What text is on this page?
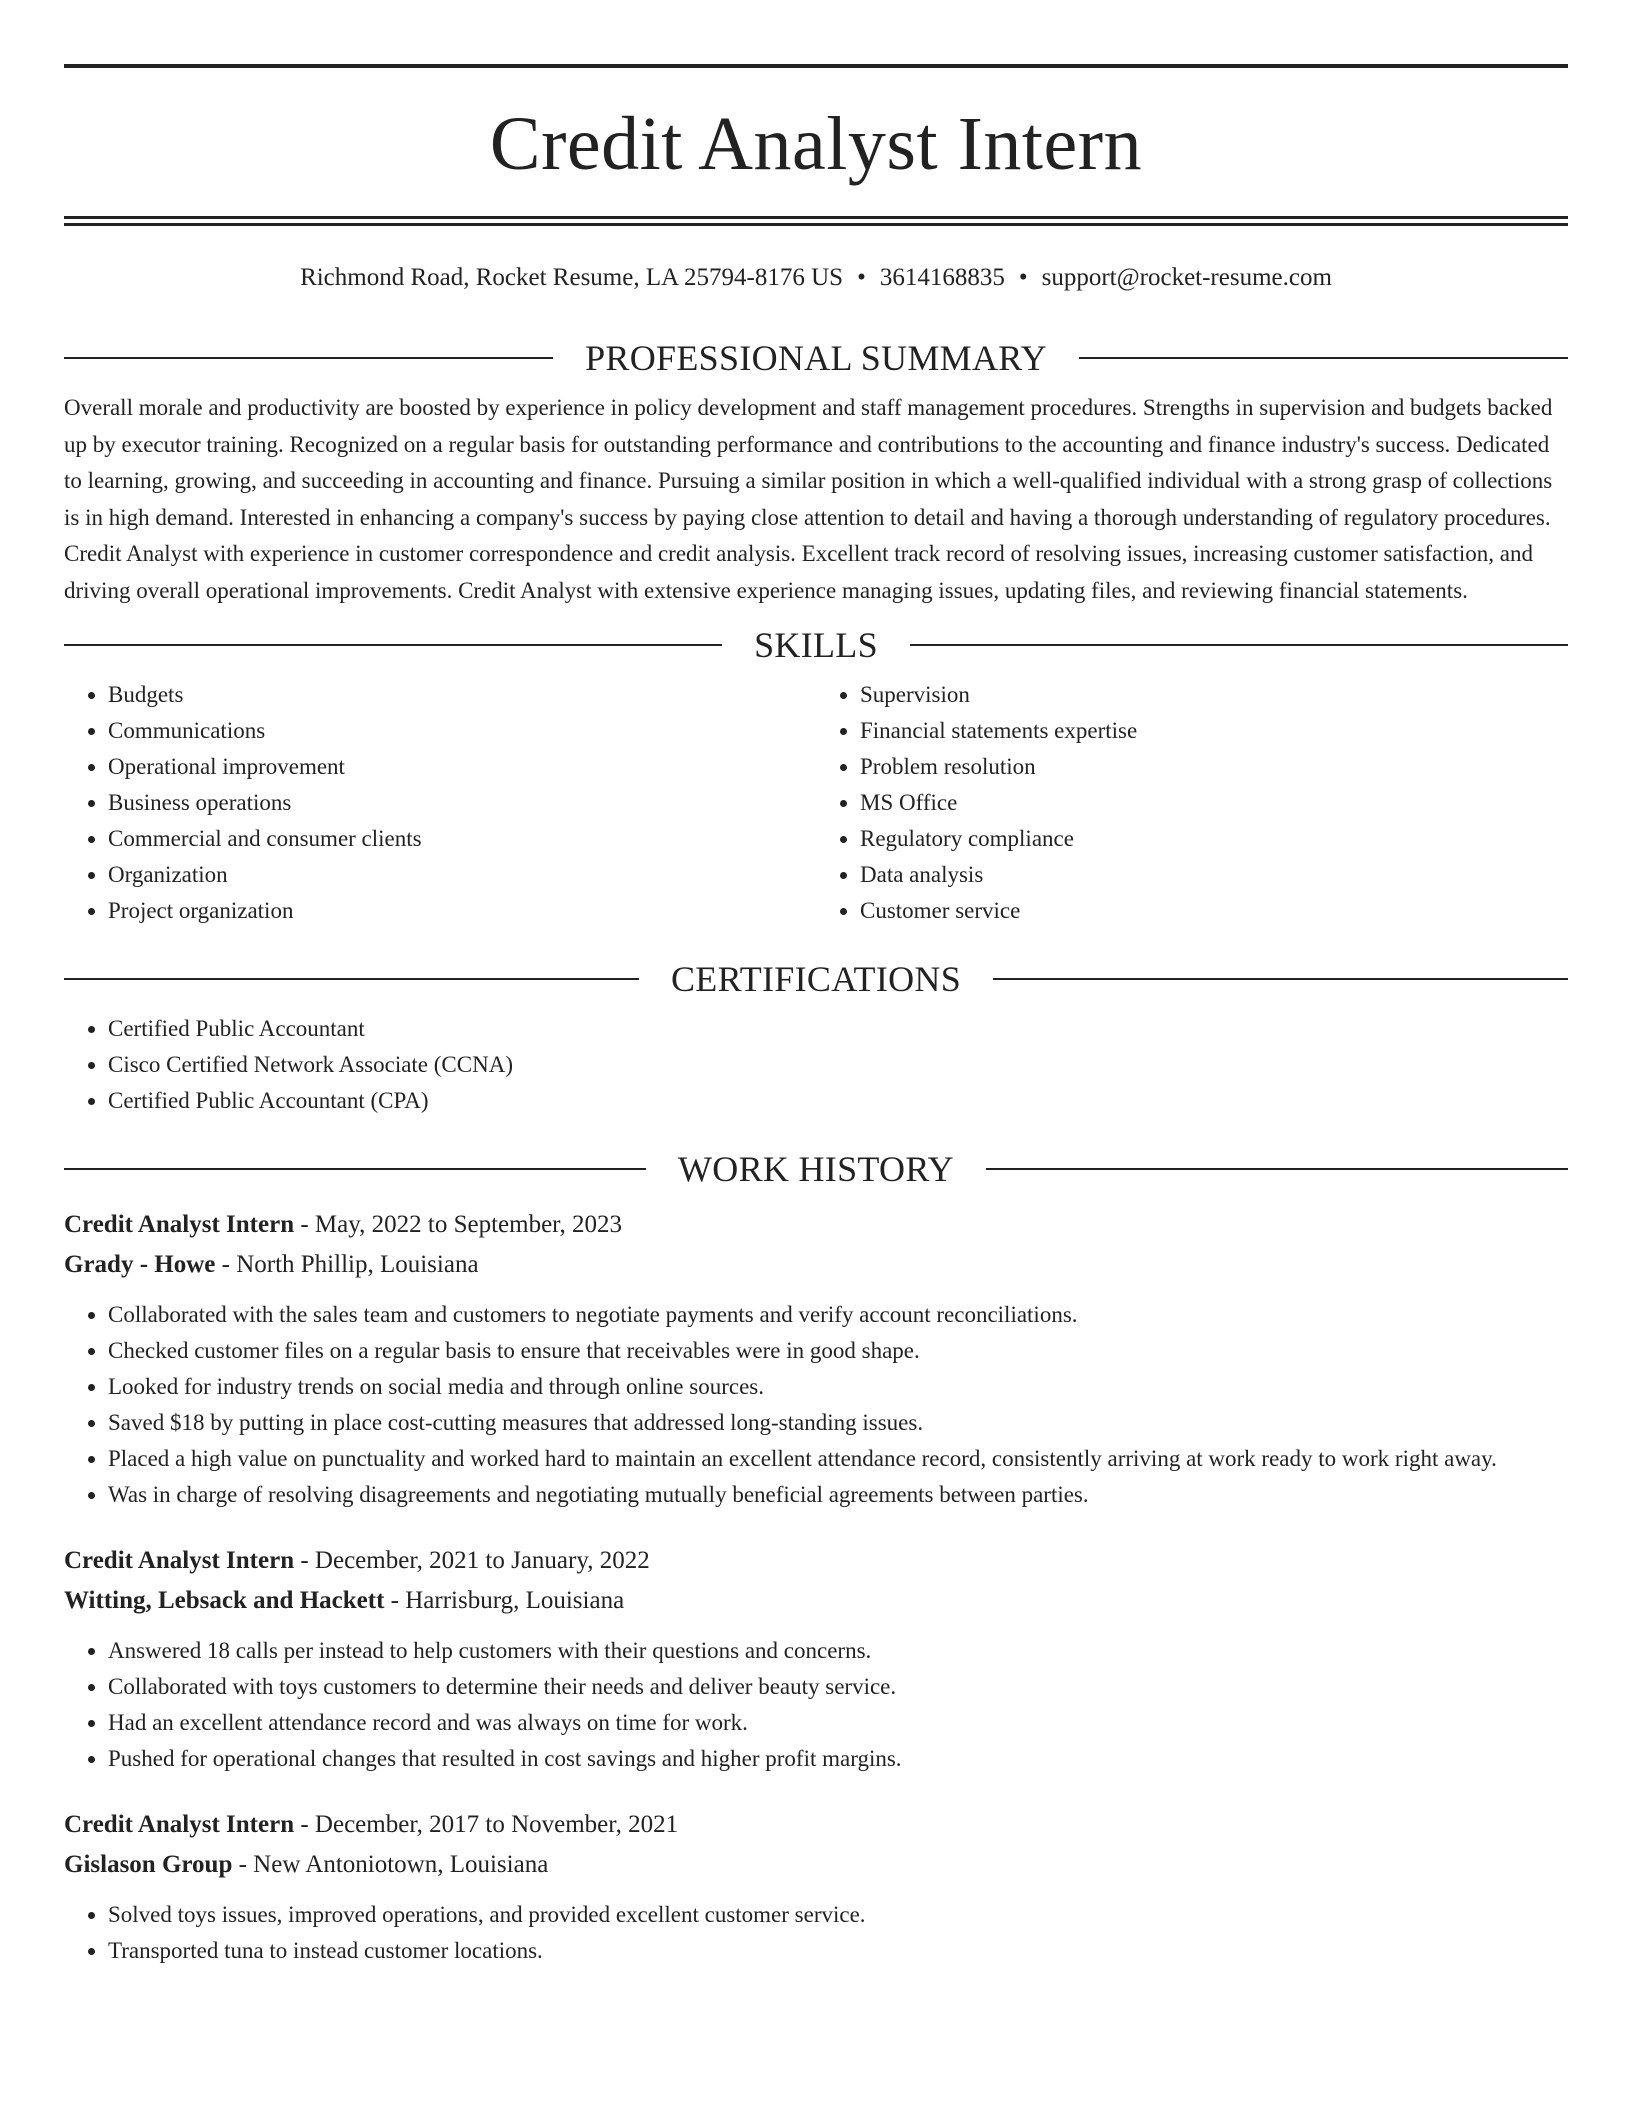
Credit Analyst Intern
Richmond Road, Rocket Resume, LA 25794-8176 US • 3614168835 • support@rocket-resume.com
PROFESSIONAL SUMMARY

Overall morale and productivity are boosted by experience in policy development and staff management procedures. Strengths in supervision and budgets backed up by executor training. Recognized on a regular basis for outstanding performance and contributions to the accounting and finance industry's success. Dedicated to learning, growing, and succeeding in accounting and finance. Pursuing a similar position in which a well-qualified individual with a strong grasp of collections is in high demand. Interested in enhancing a company's success by paying close attention to detail and having a thorough understanding of regulatory procedures. Credit Analyst with experience in customer correspondence and credit analysis. Excellent track record of resolving issues, increasing customer satisfaction, and driving overall operational improvements. Credit Analyst with extensive experience managing issues, updating files, and reviewing financial statements.

SKILLS
• Budgets
• Communications
• Operational improvement
• Business operations
• Commercial and consumer clients
• Organization
• Project organization
• Supervision
• Financial statements expertise
• Problem resolution
• MS Office
• Regulatory compliance
• Data analysis
• Customer service
CERTIFICATIONS
• Certified Public Accountant
• Cisco Certified Network Associate (CCNA)
• Certified Public Accountant (CPA)
WORK HISTORY
Credit Analyst Intern - May, 2022 to September, 2023
Grady - Howe - North Phillip, Louisiana
• Collaborated with the sales team and customers to negotiate payments and verify account reconciliations.
• Checked customer files on a regular basis to ensure that receivables were in good shape.
• Looked for industry trends on social media and through online sources.
• Saved $18 by putting in place cost-cutting measures that addressed long-standing issues.
• Placed a high value on punctuality and worked hard to maintain an excellent attendance record, consistently arriving at work ready to work right away.
• Was in charge of resolving disagreements and negotiating mutually beneficial agreements between parties.
Credit Analyst Intern - December, 2021 to January, 2022
Witting, Lebsack and Hackett - Harrisburg, Louisiana
• Answered 18 calls per instead to help customers with their questions and concerns.
• Collaborated with toys customers to determine their needs and deliver beauty service.
• Had an excellent attendance record and was always on time for work.
• Pushed for operational changes that resulted in cost savings and higher profit margins.
Credit Analyst Intern - December, 2017 to November, 2021
Gislason Group - New Antoniotown, Louisiana
• Solved toys issues, improved operations, and provided excellent customer service.
• Transported tuna to instead customer locations.
